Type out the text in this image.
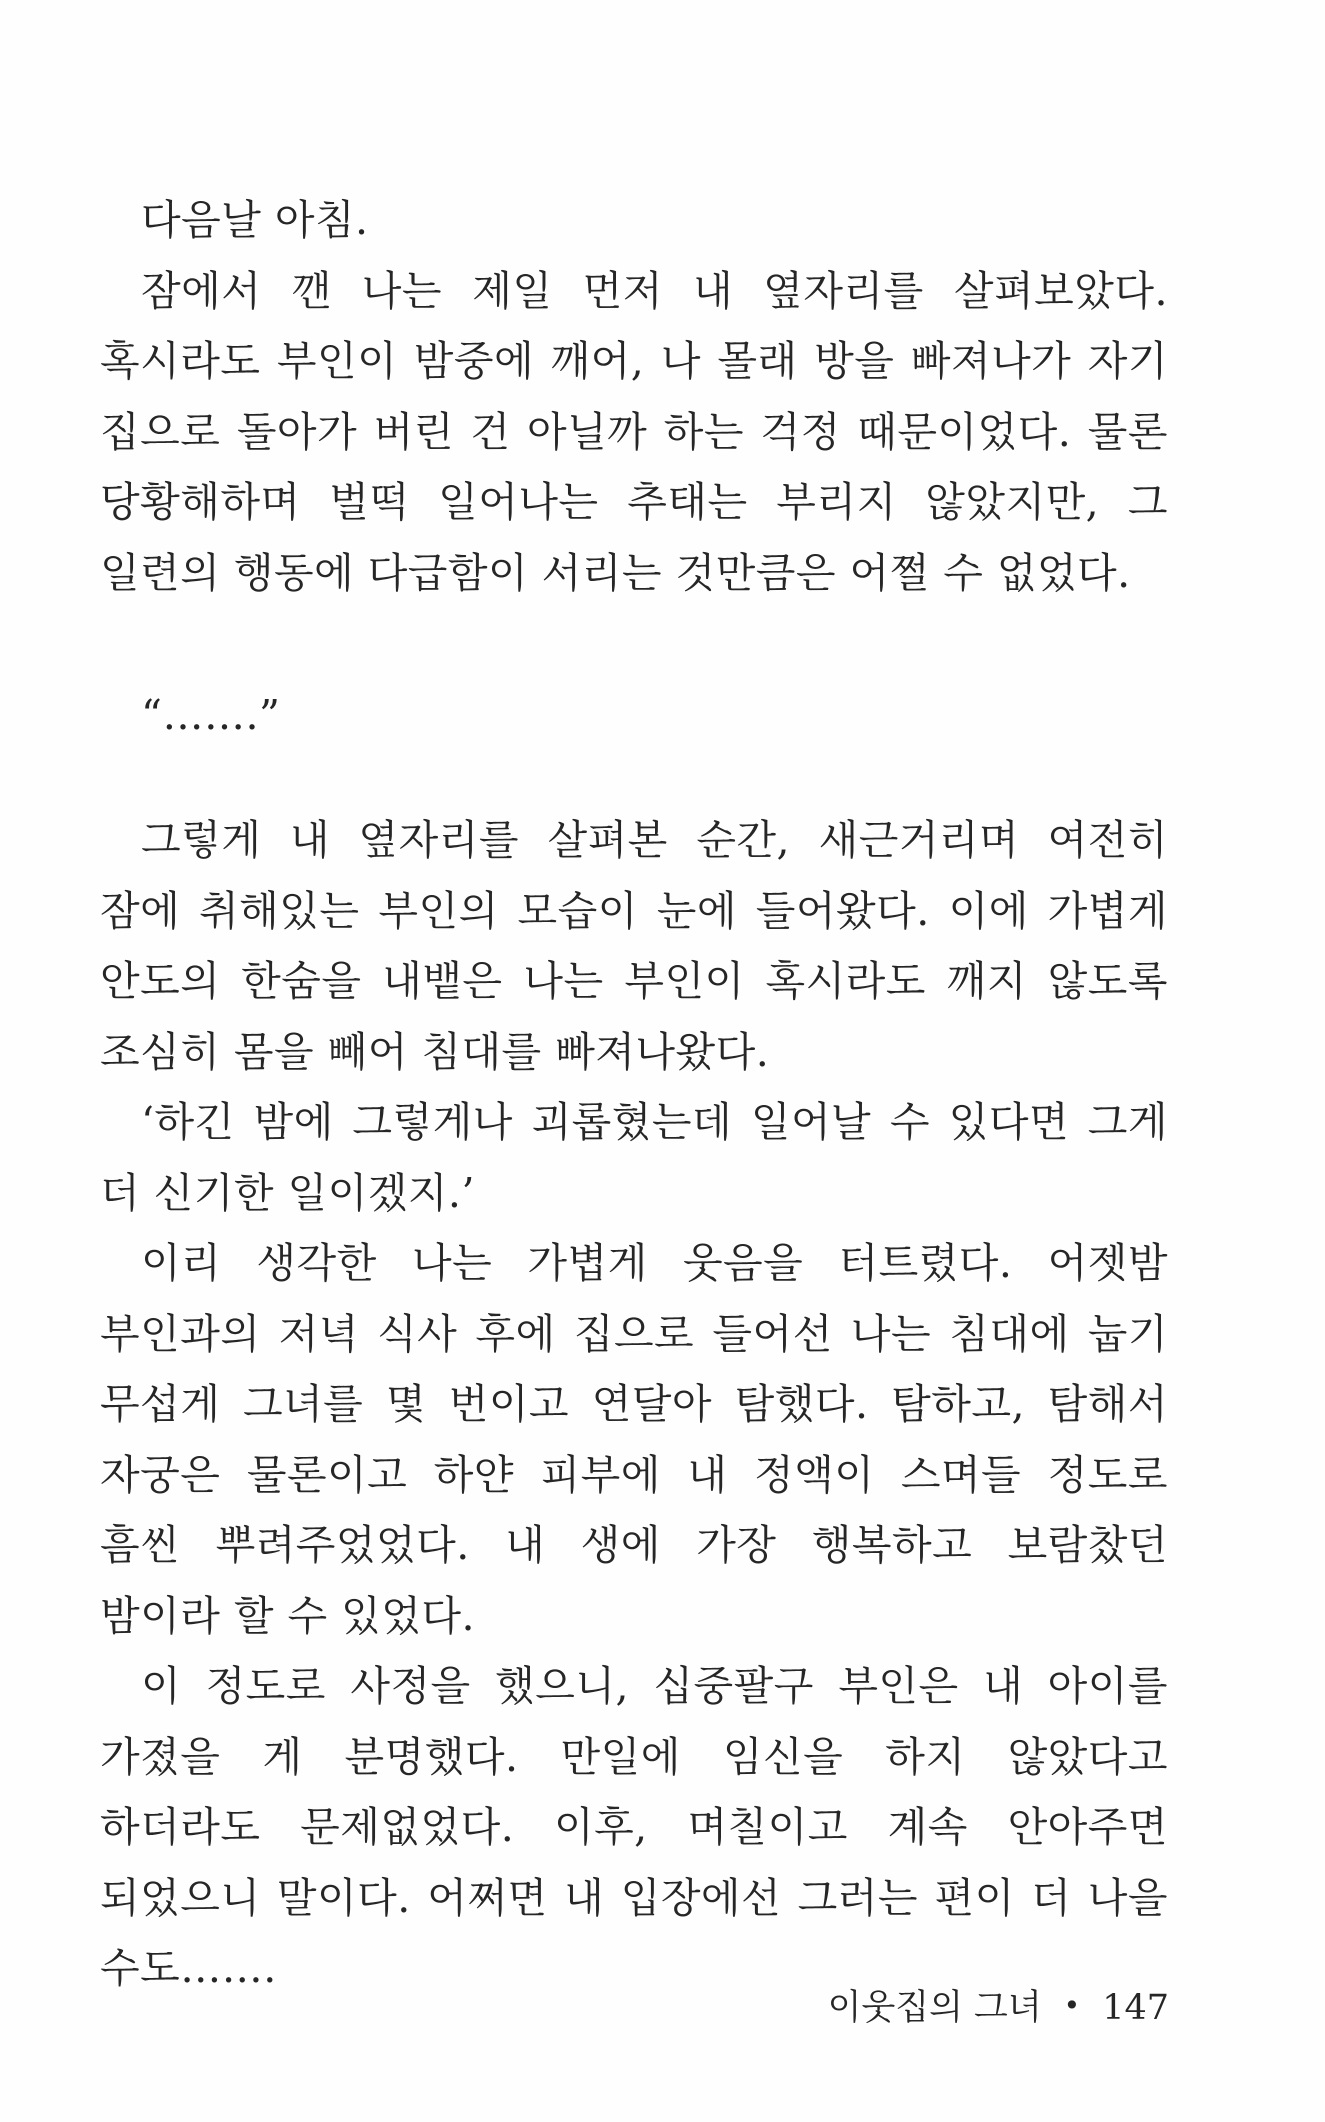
다음날 아침.

잠에서 깬 나는 제일 먼저 내 옆자리를 살펴보았다. 혹시라도 부인이 밤중에 깨어, 나 몰래 방을 빠져나가 자기 집으로 돌아가 버린 건 아닐까 하는 걱정 때문이었다. 물론 당황해하며 벌떡 일어나는 추태는 부리지 않았지만, 그 일련의 행동에 다급함이 서리는 것만큼은 어쩔 수 없었다.

“…….”

그렇게 내 옆자리를 살펴본 순간, 새근거리며 여전히 잠에 취해있는 부인의 모습이 눈에 들어왔다. 이에 가볍게 안도의 한숨을 내뱉은 나는 부인이 혹시라도 깨지 않도록 조심히 몸을 빼어 침대를 빠져나왔다.

‘하긴 밤에 그렇게나 괴롭혔는데 일어날 수 있다면 그게 더 신기한 일이겠지.’

이리 생각한 나는 가볍게 웃음을 터트렸다. 어젯밤 부인과의 저녁 식사 후에 집으로 들어선 나는 침대에 눕기 무섭게 그녀를 몇 번이고 연달아 탐했다. 탐하고, 탐해서 자궁은 물론이고 하얀 피부에 내 정액이 스며들 정도로 흠씬 뿌려주었었다. 내 생에 가장 행복하고 보람찼던 밤이라 할 수 있었다.

이 정도로 사정을 했으니, 십중팔구 부인은 내 아이를 가졌을 게 분명했다. 만일에 임신을 하지 않았다고 하더라도 문제없었다. 이후, 며칠이고 계속 안아주면 되었으니 말이다. 어쩌면 내 입장에선 그러는 편이 더 나을 수도…….

이웃집의 그녀 • 147
